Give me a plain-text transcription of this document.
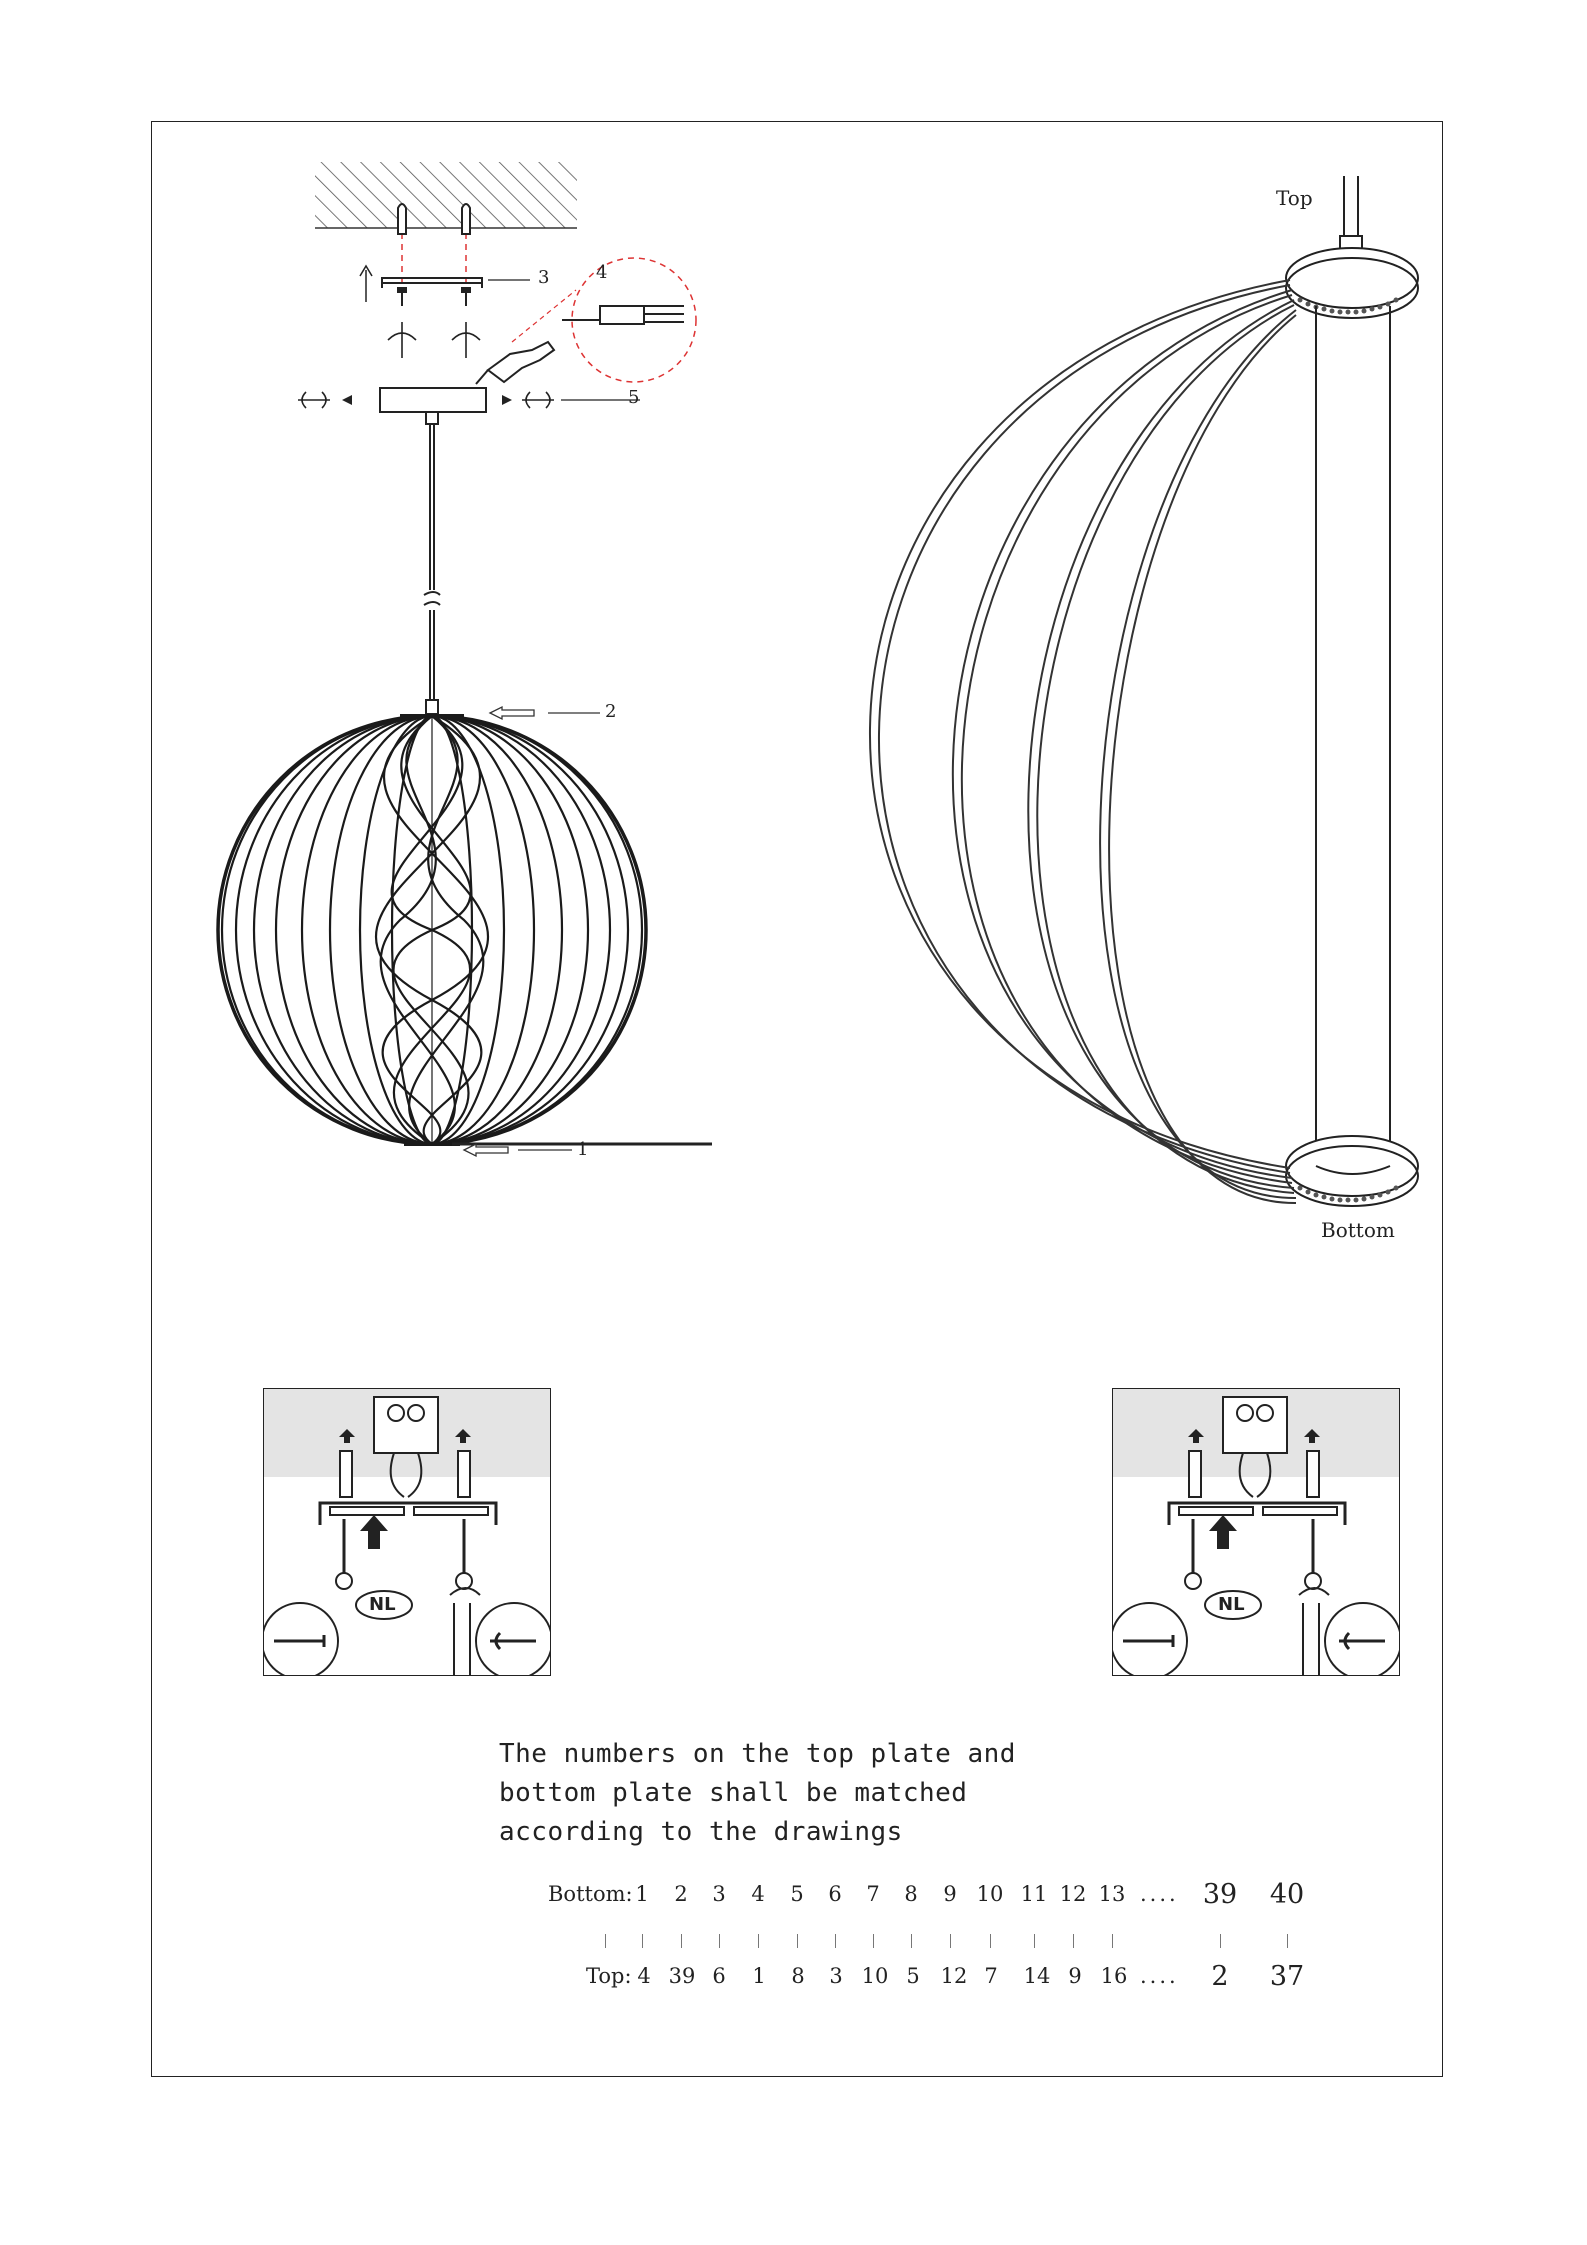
3	4
5
2
1
Top
Bottom
NL	NL
The numbers on the top plate and
bottom plate shall be matched
according to the drawings
Bottom: 1	2	3	4	5	6	7	8	9 10 11 12 13 .... 39 40
Top: 4 39 6	1	8	3 10 5 12 7	14 9 16 ....	2	37
